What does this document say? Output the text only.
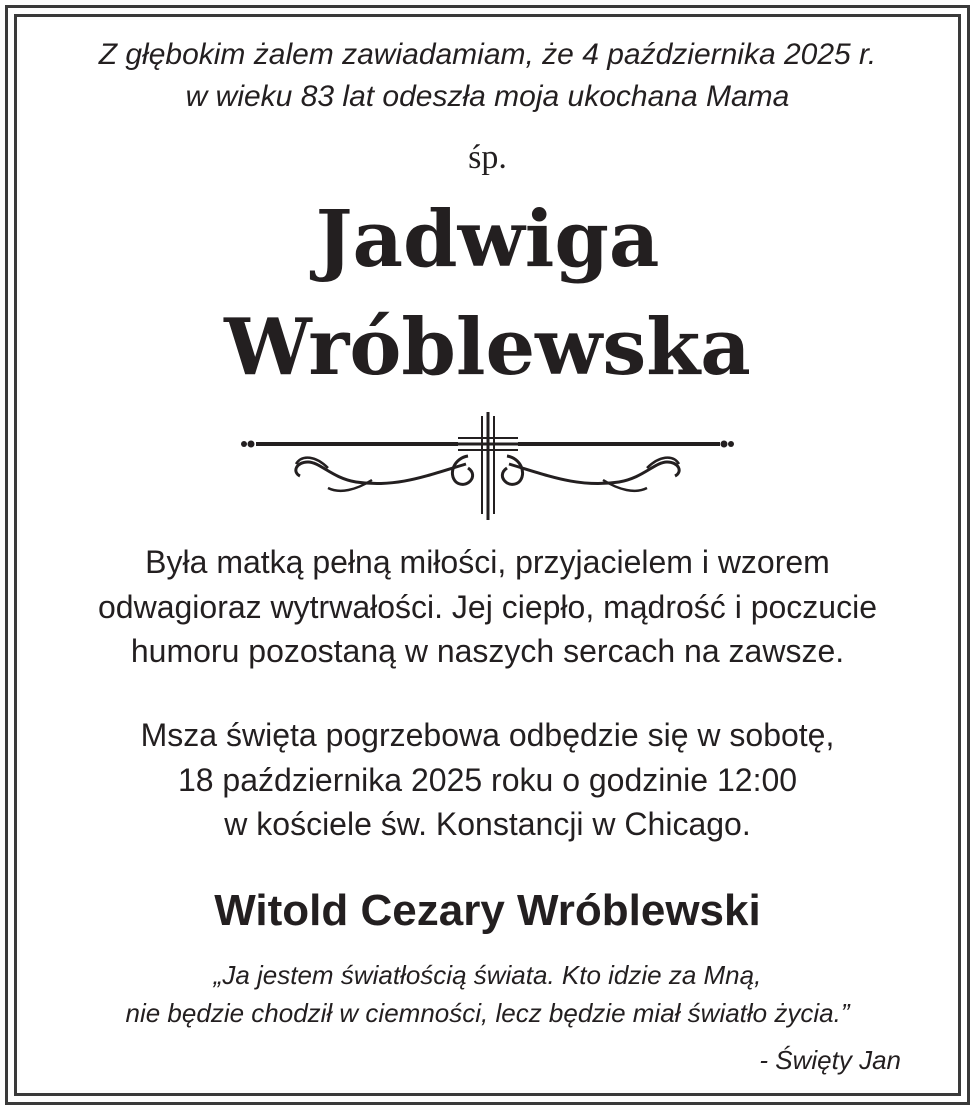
Z głębokim żalem zawiadamiam, że 4 października 2025 r.
w wieku 83 lat odeszła moja ukochana Mama
śp.
Jadwiga
Wróblewska
Była matką pełną miłości, przyjacielem i wzorem
odwagioraz wytrwałości. Jej ciepło, mądrość i poczucie
humoru pozostaną w naszych sercach na zawsze.
Msza święta pogrzebowa odbędzie się w sobotę,
18 października 2025 roku o godzinie 12:00
w kościele św. Konstancji w Chicago.
Witold Cezary Wróblewski
„Ja jestem światłością świata. Kto idzie za Mną,
nie będzie chodził w ciemności, lecz będzie miał światło życia.”
- Święty Jan
